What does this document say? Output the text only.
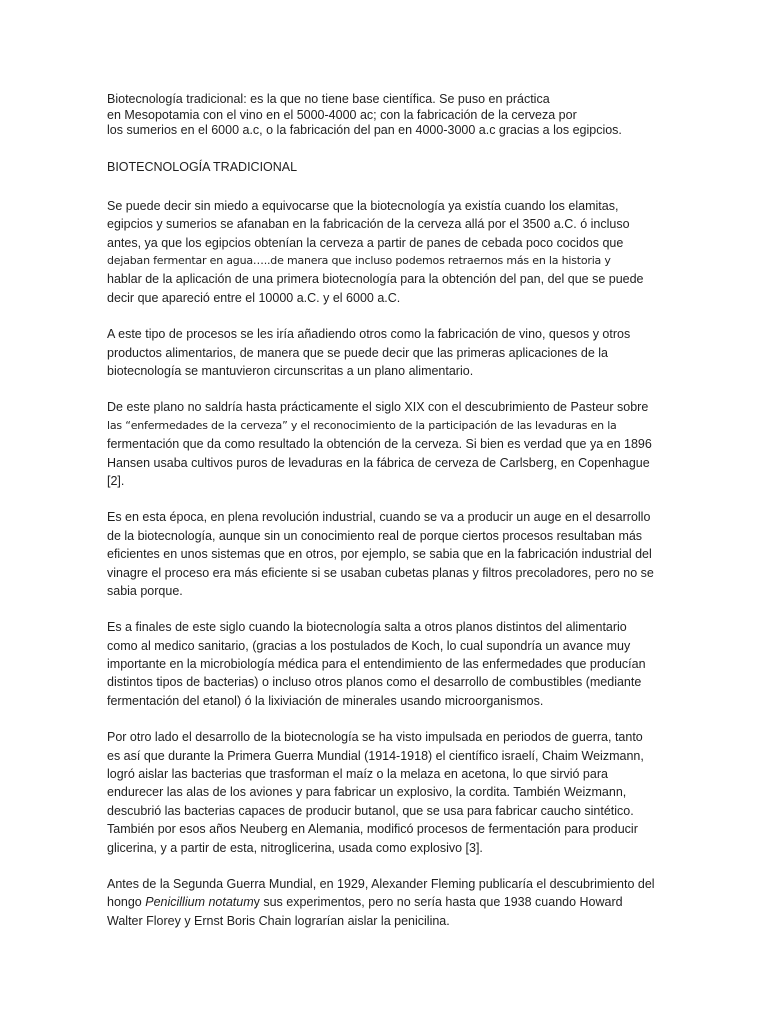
Biotecnología tradicional: es la que no tiene base científica. Se puso en práctica
en Mesopotamia con el vino en el 5000-4000 ac; con la fabricación de la cerveza por
los sumerios en el 6000 a.c, o la fabricación del pan en 4000-3000 a.c gracias a los egipcios.
BIOTECNOLOGÍA TRADICIONAL
Se puede decir sin miedo a equivocarse que la biotecnología ya existía cuando los elamitas,
egipcios y sumerios se afanaban en la fabricación de la cerveza allá por el 3500 a.C. ó incluso
antes, ya que los egipcios obtenían la cerveza a partir de panes de cebada poco cocidos que
dejaban fermentar en agua…..de manera que incluso podemos retraernos más en la historia y
hablar de la aplicación de una primera biotecnología para la obtención del pan, del que se puede
decir que apareció entre el 10000 a.C. y el 6000 a.C.
A este tipo de procesos se les iría añadiendo otros como la fabricación de vino, quesos y otros
productos alimentarios, de manera que se puede decir que las primeras aplicaciones de la
biotecnología se mantuvieron circunscritas a un plano alimentario.
De este plano no saldría hasta prácticamente el siglo XIX con el descubrimiento de Pasteur sobre
las “enfermedades de la cerveza” y el reconocimiento de la participación de las levaduras en la
fermentación que da como resultado la obtención de la cerveza. Si bien es verdad que ya en 1896
Hansen usaba cultivos puros de levaduras en la fábrica de cerveza de Carlsberg, en Copenhague
[2].
Es en esta época, en plena revolución industrial, cuando se va a producir un auge en el desarrollo
de la biotecnología, aunque sin un conocimiento real de porque ciertos procesos resultaban más
eficientes en unos sistemas que en otros, por ejemplo, se sabia que en la fabricación industrial del
vinagre el proceso era más eficiente si se usaban cubetas planas y filtros precoladores, pero no se
sabia porque.
Es a finales de este siglo cuando la biotecnología salta a otros planos distintos del alimentario
como al medico sanitario, (gracias a los postulados de Koch, lo cual supondría un avance muy
importante en la microbiología médica para el entendimiento de las enfermedades que producían
distintos tipos de bacterias) o incluso otros planos como el desarrollo de combustibles (mediante
fermentación del etanol) ó la lixiviación de minerales usando microorganismos.
Por otro lado el desarrollo de la biotecnología se ha visto impulsada en periodos de guerra, tanto
es así que durante la Primera Guerra Mundial (1914-1918) el científico israelí, Chaim Weizmann,
logró aislar las bacterias que trasforman el maíz o la melaza en acetona, lo que sirvió para
endurecer las alas de los aviones y para fabricar un explosivo, la cordita. También Weizmann,
descubrió las bacterias capaces de producir butanol, que se usa para fabricar caucho sintético.
También por esos años Neuberg en Alemania, modificó procesos de fermentación para producir
glicerina, y a partir de esta, nitroglicerina, usada como explosivo [3].
Antes de la Segunda Guerra Mundial, en 1929, Alexander Fleming publicaría el descubrimiento del
hongo Penicillium notatumy sus experimentos, pero no sería hasta que 1938 cuando Howard
Walter Florey y Ernst Boris Chain lograrían aislar la penicilina.
